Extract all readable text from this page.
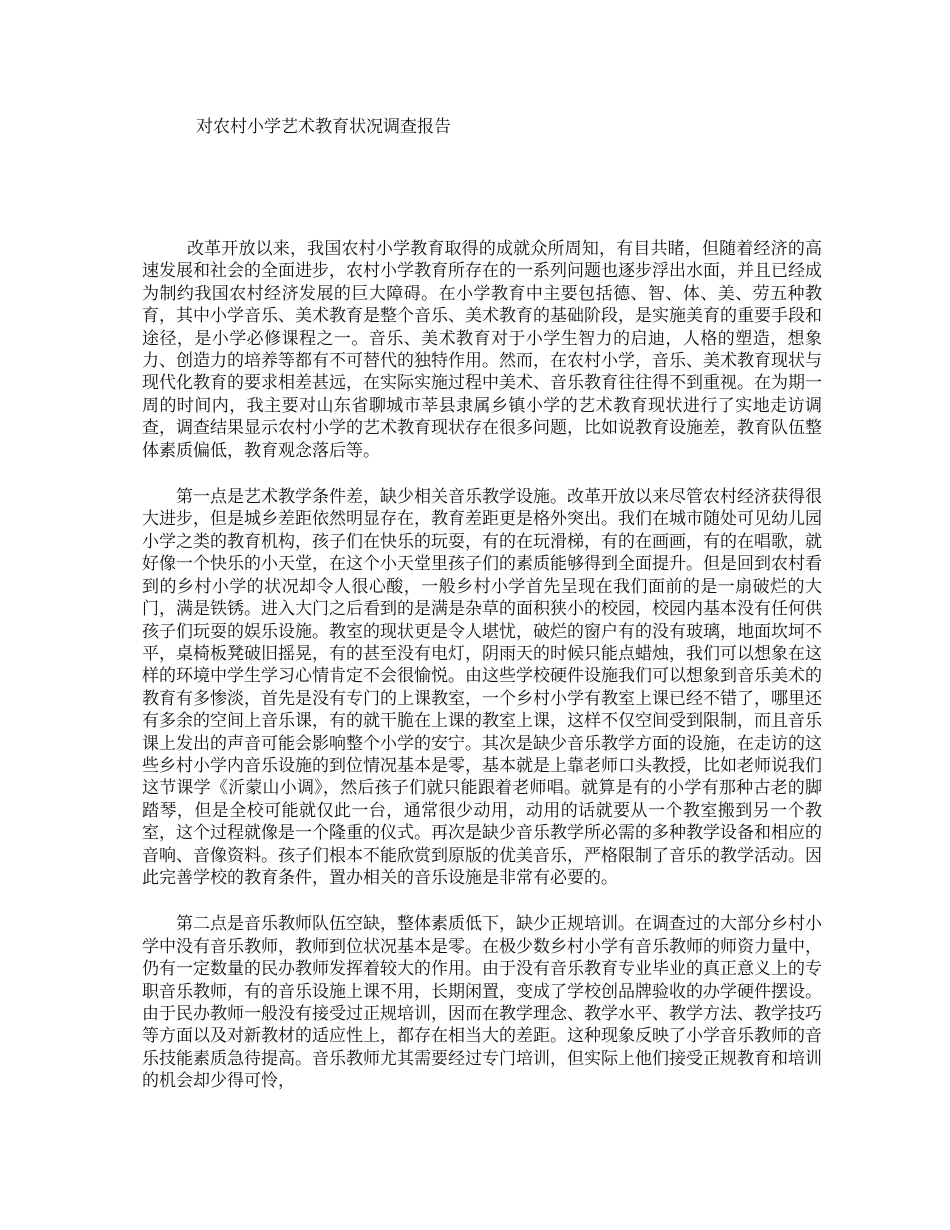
对农村小学艺术教育状况调查报告

改革开放以来，我国农村小学教育取得的成就众所周知，有目共睹，但随着经济的高速发展和社会的全面进步，农村小学教育所存在的一系列问题也逐步浮出水面，并且已经成为制约我国农村经济发展的巨大障碍。在小学教育中主要包括德、智、体、美、劳五种教育，其中小学音乐、美术教育是整个音乐、美术教育的基础阶段，是实施美育的重要手段和途径，是小学必修课程之一。音乐、美术教育对于小学生智力的启迪，人格的塑造，想象力、创造力的培养等都有不可替代的独特作用。然而，在农村小学，音乐、美术教育现状与现代化教育的要求相差甚远，在实际实施过程中美术、音乐教育往往得不到重视。在为期一周的时间内，我主要对山东省聊城市莘县隶属乡镇小学的艺术教育现状进行了实地走访调查，调查结果显示农村小学的艺术教育现状存在很多问题，比如说教育设施差，教育队伍整体素质偏低，教育观念落后等。

第一点是艺术教学条件差，缺少相关音乐教学设施。改革开放以来尽管农村经济获得很大进步，但是城乡差距依然明显存在，教育差距更是格外突出。我们在城市随处可见幼儿园小学之类的教育机构，孩子们在快乐的玩耍，有的在玩滑梯，有的在画画，有的在唱歌，就好像一个快乐的小天堂，在这个小天堂里孩子们的素质能够得到全面提升。但是回到农村看到的乡村小学的状况却令人很心酸，一般乡村小学首先呈现在我们面前的是一扇破烂的大门，满是铁锈。进入大门之后看到的是满是杂草的面积狭小的校园，校园内基本没有任何供孩子们玩耍的娱乐设施。教室的现状更是令人堪忧，破烂的窗户有的没有玻璃，地面坎坷不平，桌椅板凳破旧摇晃，有的甚至没有电灯，阴雨天的时候只能点蜡烛，我们可以想象在这样的环境中学生学习心情肯定不会很愉悦。由这些学校硬件设施我们可以想象到音乐美术的教育有多惨淡，首先是没有专门的上课教室，一个乡村小学有教室上课已经不错了，哪里还有多余的空间上音乐课，有的就干脆在上课的教室上课，这样不仅空间受到限制，而且音乐课上发出的声音可能会影响整个小学的安宁。其次是缺少音乐教学方面的设施，在走访的这些乡村小学内音乐设施的到位情况基本是零，基本就是上靠老师口头教授，比如老师说我们这节课学《沂蒙山小调》，然后孩子们就只能跟着老师唱。就算是有的小学有那种古老的脚踏琴，但是全校可能就仅此一台，通常很少动用，动用的话就要从一个教室搬到另一个教室，这个过程就像是一个隆重的仪式。再次是缺少音乐教学所必需的多种教学设备和相应的音响、音像资料。孩子们根本不能欣赏到原版的优美音乐，严格限制了音乐的教学活动。因此完善学校的教育条件，置办相关的音乐设施是非常有必要的。

第二点是音乐教师队伍空缺，整体素质低下，缺少正规培训。在调查过的大部分乡村小学中没有音乐教师，教师到位状况基本是零。在极少数乡村小学有音乐教师的师资力量中，仍有一定数量的民办教师发挥着较大的作用。由于没有音乐教育专业毕业的真正意义上的专职音乐教师，有的音乐设施上课不用，长期闲置，变成了学校创品牌验收的办学硬件摆设。由于民办教师一般没有接受过正规培训，因而在教学理念、教学水平、教学方法、教学技巧等方面以及对新教材的适应性上，都存在相当大的差距。这种现象反映了小学音乐教师的音乐技能素质急待提高。音乐教师尤其需要经过专门培训，但实际上他们接受正规教育和培训的机会却少得可怜，
